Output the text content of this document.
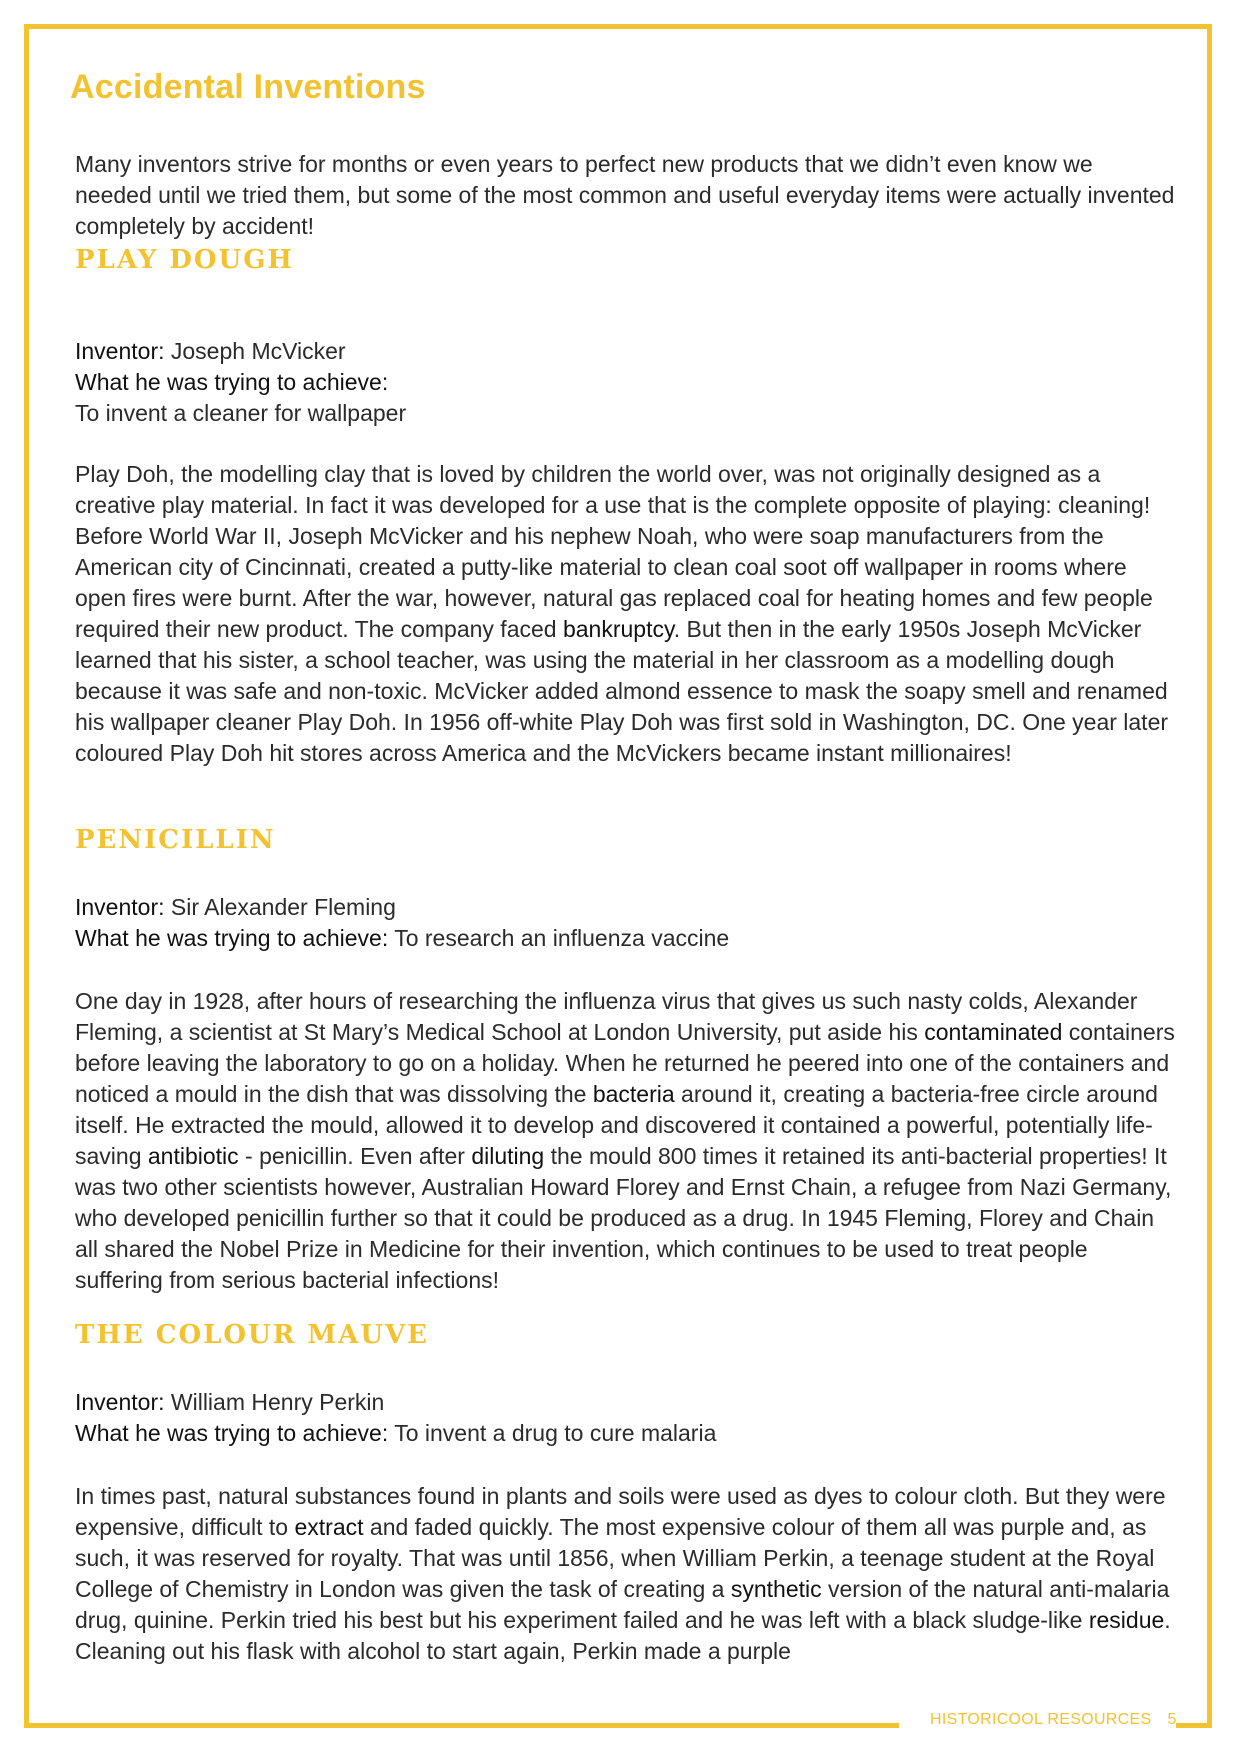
Accidental Inventions

Many inventors strive for months or even years to perfect new products that we didn’t even know we needed until we tried them, but some of the most common and useful everyday items were actually invented completely by accident!

PLAY DOUGH

Inventor: Joseph McVicker

What he was trying to achieve:

To invent a cleaner for wallpaper

Play Doh, the modelling clay that is loved by children the world over, was not originally designed as a creative play material. In fact it was developed for a use that is the complete opposite of playing: cleaning! Before World War II, Joseph McVicker and his nephew Noah, who were soap manufacturers from the American city of Cincinnati, created a putty-like material to clean coal soot off wallpaper in rooms where open fires were burnt. After the war, however, natural gas replaced coal for heating homes and few people required their new product. The company faced bankruptcy. But then in the early 1950s Joseph McVicker learned that his sister, a school teacher, was using the material in her classroom as a modelling dough because it was safe and non-toxic. McVicker added almond essence to mask the soapy smell and renamed his wallpaper cleaner Play Doh. In 1956 off-white Play Doh was first sold in Washington, DC. One year later coloured Play Doh hit stores across America and the McVickers became instant millionaires!

PENICILLIN

Inventor: Sir Alexander Fleming

What he was trying to achieve: To research an influenza vaccine

One day in 1928, after hours of researching the influenza virus that gives us such nasty colds, Alexander Fleming, a scientist at St Mary’s Medical School at London University, put aside his contaminated containers before leaving the laboratory to go on a holiday. When he returned he peered into one of the containers and noticed a mould in the dish that was dissolving the bacteria around it, creating a bacteria-free circle around itself. He extracted the mould, allowed it to develop and discovered it contained a powerful, potentially life-saving antibiotic - penicillin. Even after diluting the mould 800 times it retained its anti-bacterial properties! It was two other scientists however, Australian Howard Florey and Ernst Chain, a refugee from Nazi Germany, who developed penicillin further so that it could be produced as a drug. In 1945 Fleming, Florey and Chain all shared the Nobel Prize in Medicine for their invention, which continues to be used to treat people suffering from serious bacterial infections!

THE COLOUR MAUVE

Inventor: William Henry Perkin

What he was trying to achieve: To invent a drug to cure malaria

In times past, natural substances found in plants and soils were used as dyes to colour cloth. But they were expensive, difficult to extract and faded quickly. The most expensive colour of them all was purple and, as such, it was reserved for royalty. That was until 1856, when William Perkin, a teenage student at the Royal College of Chemistry in London was given the task of creating a synthetic version of the natural anti-malaria drug, quinine. Perkin tried his best but his experiment failed and he was left with a black sludge-like residue. Cleaning out his flask with alcohol to start again, Perkin made a purple

HISTORICOOL RESOURCES 5
